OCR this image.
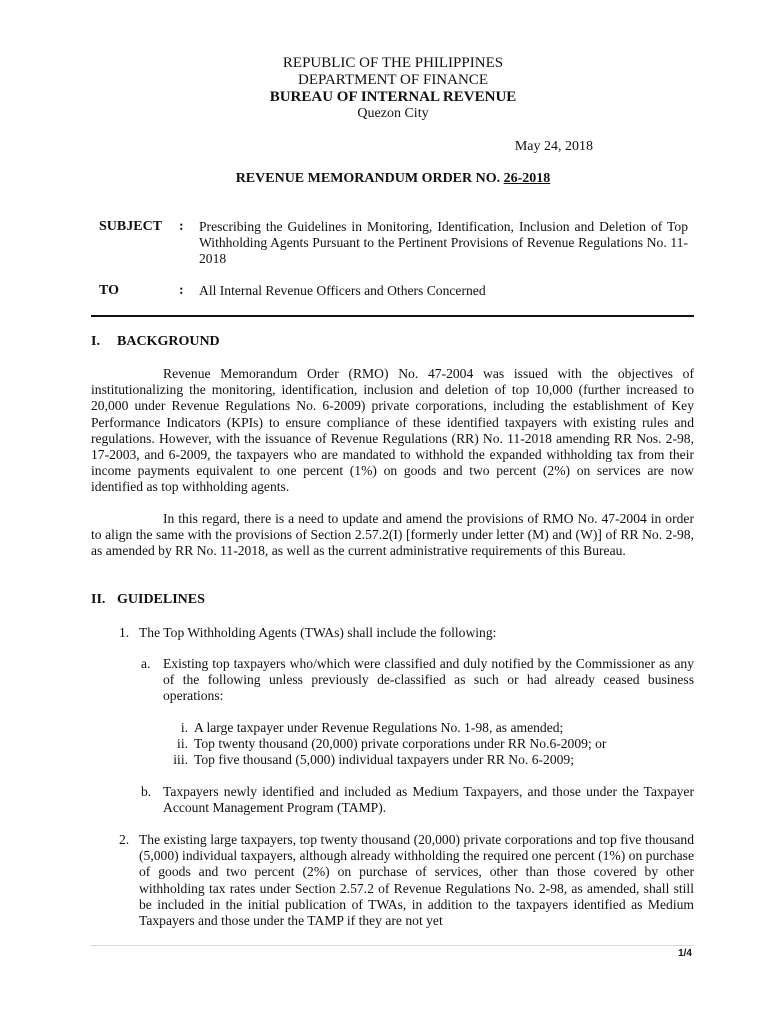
REPUBLIC OF THE PHILIPPINES
DEPARTMENT OF FINANCE
BUREAU OF INTERNAL REVENUE
Quezon City
May 24, 2018
REVENUE MEMORANDUM ORDER NO. 26-2018
SUBJECT : Prescribing the Guidelines in Monitoring, Identification, Inclusion and Deletion of Top Withholding Agents Pursuant to the Pertinent Provisions of Revenue Regulations No. 11-2018
TO	: All Internal Revenue Officers and Others Concerned
I. BACKGROUND
Revenue Memorandum Order (RMO) No. 47-2004 was issued with the objectives of institutionalizing the monitoring, identification, inclusion and deletion of top 10,000 (further increased to 20,000 under Revenue Regulations No. 6-2009) private corporations, including the establishment of Key Performance Indicators (KPIs) to ensure compliance of these identified taxpayers with existing rules and regulations. However, with the issuance of Revenue Regulations (RR) No. 11-2018 amending RR Nos. 2-98, 17-2003, and 6-2009, the taxpayers who are mandated to withhold the expanded withholding tax from their income payments equivalent to one percent (1%) on goods and two percent (2%) on services are now identified as top withholding agents.
In this regard, there is a need to update and amend the provisions of RMO No. 47-2004 in order to align the same with the provisions of Section 2.57.2(I) [formerly under letter (M) and (W)] of RR No. 2-98, as amended by RR No. 11-2018, as well as the current administrative requirements of this Bureau.
II. GUIDELINES
1. The Top Withholding Agents (TWAs) shall include the following:
a. Existing top taxpayers who/which were classified and duly notified by the Commissioner as any of the following unless previously de-classified as such or had already ceased business operations:
i. A large taxpayer under Revenue Regulations No. 1-98, as amended;
ii. Top twenty thousand (20,000) private corporations under RR No.6-2009; or
iii. Top five thousand (5,000) individual taxpayers under RR No. 6-2009;
b. Taxpayers newly identified and included as Medium Taxpayers, and those under the Taxpayer Account Management Program (TAMP).
2. The existing large taxpayers, top twenty thousand (20,000) private corporations and top five thousand (5,000) individual taxpayers, although already withholding the required one percent (1%) on purchase of goods and two percent (2%) on purchase of services, other than those covered by other withholding tax rates under Section 2.57.2 of Revenue Regulations No. 2-98, as amended, shall still be included in the initial publication of TWAs, in addition to the taxpayers identified as Medium Taxpayers and those under the TAMP if they are not yet
1/4
